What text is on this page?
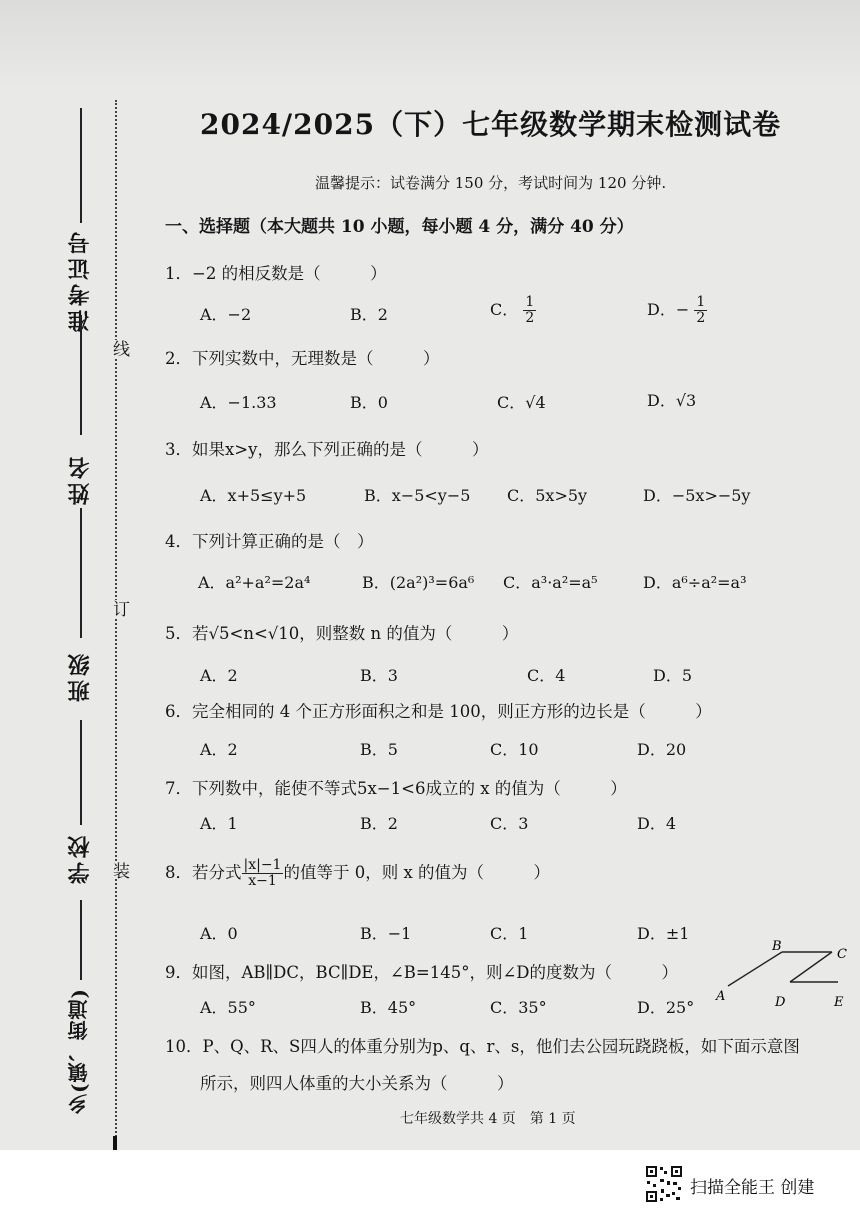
准考证号
姓名
班级
学校
乡(镇、街道)
线
订
装
2024/2025（下）七年级数学期末检测试卷
温馨提示：试卷满分 150 分，考试时间为 120 分钟.
一、选择题（本大题共 10 小题，每小题 4 分，满分 40 分）
1．−2 的相反数是（　　　）
A．−2	B．2	C． $\frac{1}{2}$	D．− $\frac{1}{2}$
2．下列实数中，无理数是（　　　）
A．−1.33	B．0	C．√4	D．√3
3．如果x>y，那么下列正确的是（　　　）
A．x+5≤y+5	B．x−5<y−5 C．5x>5y	D．−5x>−5y
4．下列计算正确的是（　）
A．a²+a²=2a⁴	B．(2a²)³=6a⁶ C．a³·a²=a⁵	D．a⁶÷a²=a³
5．若√5<n<√10，则整数 n 的值为（　　　）
A．2	B．3	C．4	D．5
6．完全相同的 4 个正方形面积之和是 100，则正方形的边长是（　　　）
A．2	B．5	C．10	D．20
7．下列数中，能使不等式5x−1<6成立的 x 的值为（　　　）
A．1	B．2	C．3	D．4
8．若分式 $\frac{|x|-1}{x-1}$ 的值等于 0，则 x 的值为（　　　）
A．0	B．−1	C．1	D．±1
9．如图，AB∥DC，BC∥DE，∠B=145°，则∠D的度数为（　　　）
A．55°	B．45°	C．35°	D．25°
A
B
C
D	E
10．P、Q、R、S四人的体重分别为p、q、r、s，他们去公园玩跷跷板，如下面示意图
所示，则四人体重的大小关系为（　　　）
七年级数学共 4 页　第 1 页
扫描全能王 创建
